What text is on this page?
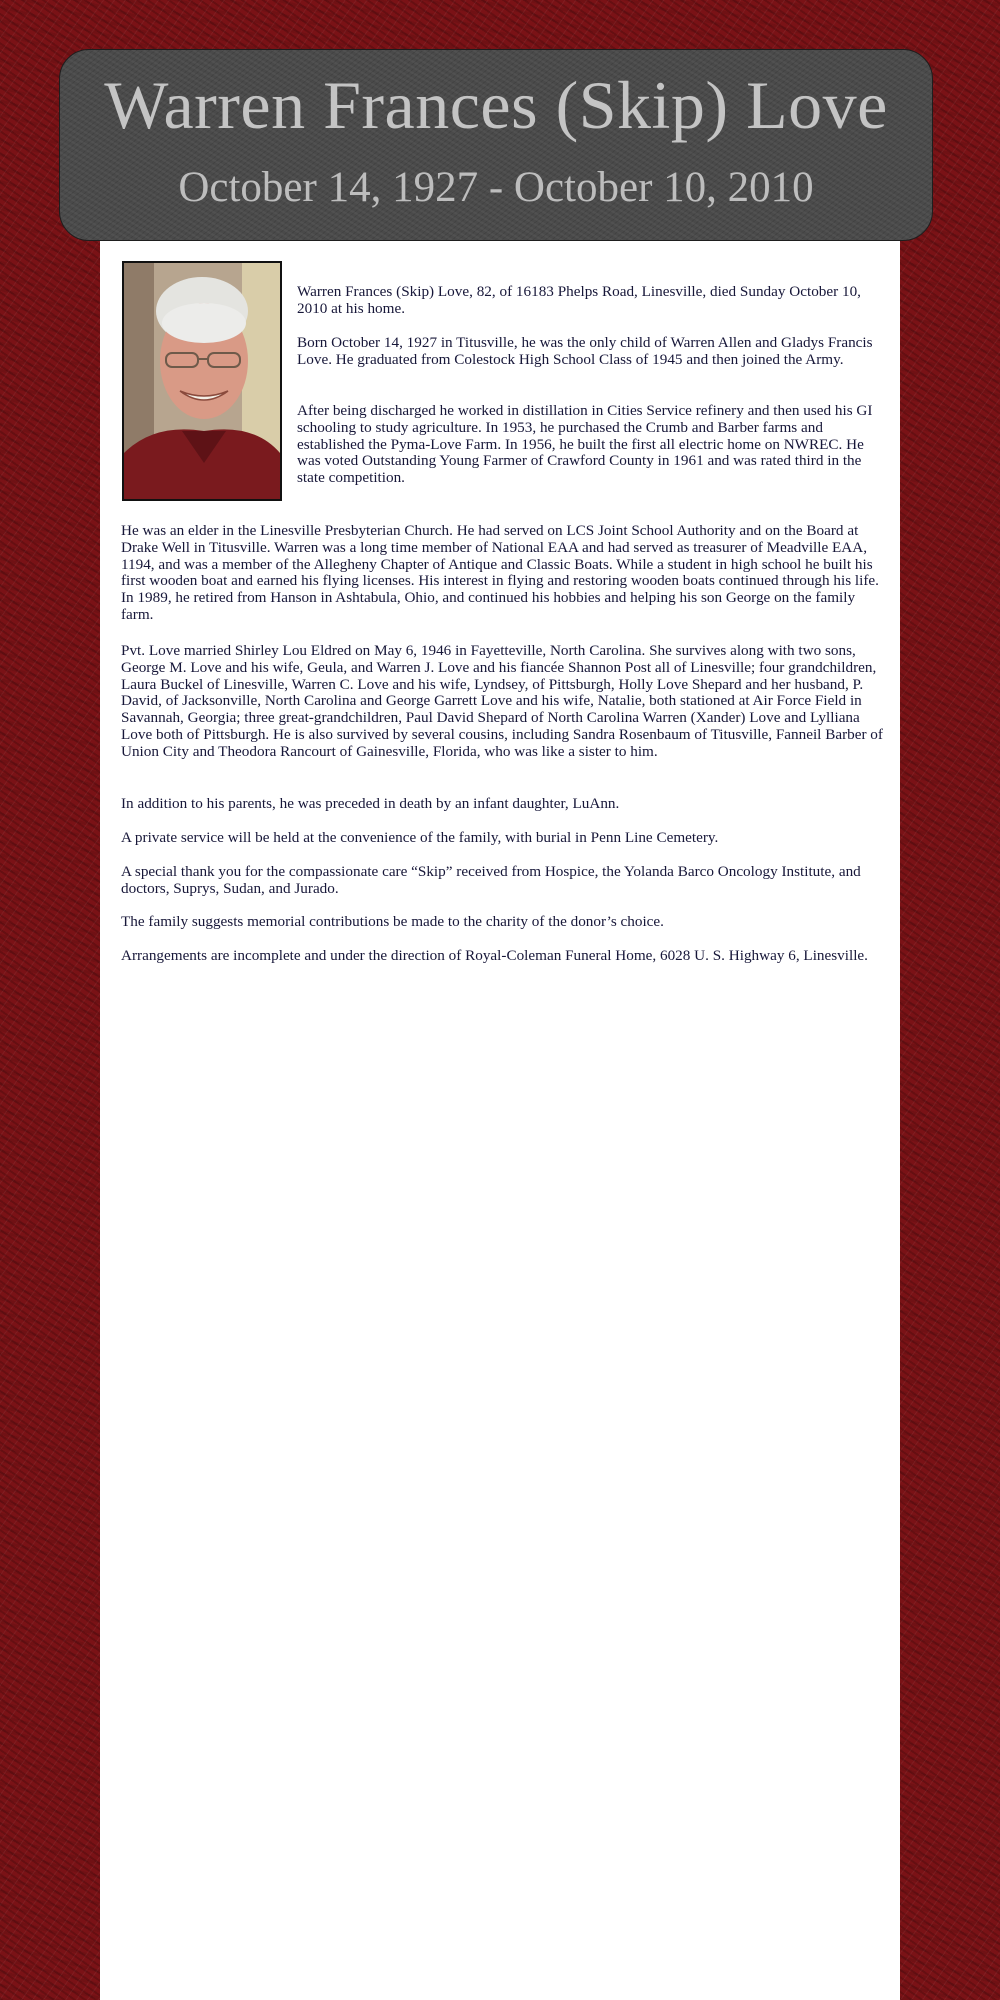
Warren Frances (Skip) Love
October 14, 1927 - October 10, 2010

Warren Frances (Skip) Love, 82, of 16183 Phelps Road, Linesville, died Sunday October 10, 2010 at his home.

Born October 14, 1927 in Titusville, he was the only child of Warren Allen and Gladys Francis Love. He graduated from Colestock High School Class of 1945 and then joined the Army.

After being discharged he worked in distillation in Cities Service refinery and then used his GI schooling to study agriculture. In 1953, he purchased the Crumb and Barber farms and established the Pyma-Love Farm. In 1956, he built the first all electric home on NWREC. He was voted Outstanding Young Farmer of Crawford County in 1961 and was rated third in the state competition.

He was an elder in the Linesville Presbyterian Church. He had served on LCS Joint School Authority and on the Board at Drake Well in Titusville. Warren was a long time member of National EAA and had served as treasurer of Meadville EAA, 1194, and was a member of the Allegheny Chapter of Antique and Classic Boats. While a student in high school he built his first wooden boat and earned his flying licenses. His interest in flying and restoring wooden boats continued through his life. In 1989, he retired from Hanson in Ashtabula, Ohio, and continued his hobbies and helping his son George on the family farm.

Pvt. Love married Shirley Lou Eldred on May 6, 1946 in Fayetteville, North Carolina. She survives along with two sons, George M. Love and his wife, Geula, and Warren J. Love and his fiancée Shannon Post all of Linesville; four grandchildren, Laura Buckel of Linesville, Warren C. Love and his wife, Lyndsey, of Pittsburgh, Holly Love Shepard and her husband, P. David, of Jacksonville, North Carolina and George Garrett Love and his wife, Natalie, both stationed at Air Force Field in Savannah, Georgia; three great-grandchildren, Paul David Shepard of North Carolina Warren (Xander) Love and Lylliana Love both of Pittsburgh. He is also survived by several cousins, including Sandra Rosenbaum of Titusville, Fanneil Barber of Union City and Theodora Rancourt of Gainesville, Florida, who was like a sister to him.

In addition to his parents, he was preceded in death by an infant daughter, LuAnn.

A private service will be held at the convenience of the family, with burial in Penn Line Cemetery.

A special thank you for the compassionate care “Skip” received from Hospice, the Yolanda Barco Oncology Institute, and doctors, Suprys, Sudan, and Jurado.

The family suggests memorial contributions be made to the charity of the donor’s choice.

Arrangements are incomplete and under the direction of Royal-Coleman Funeral Home, 6028 U. S. Highway 6, Linesville.
